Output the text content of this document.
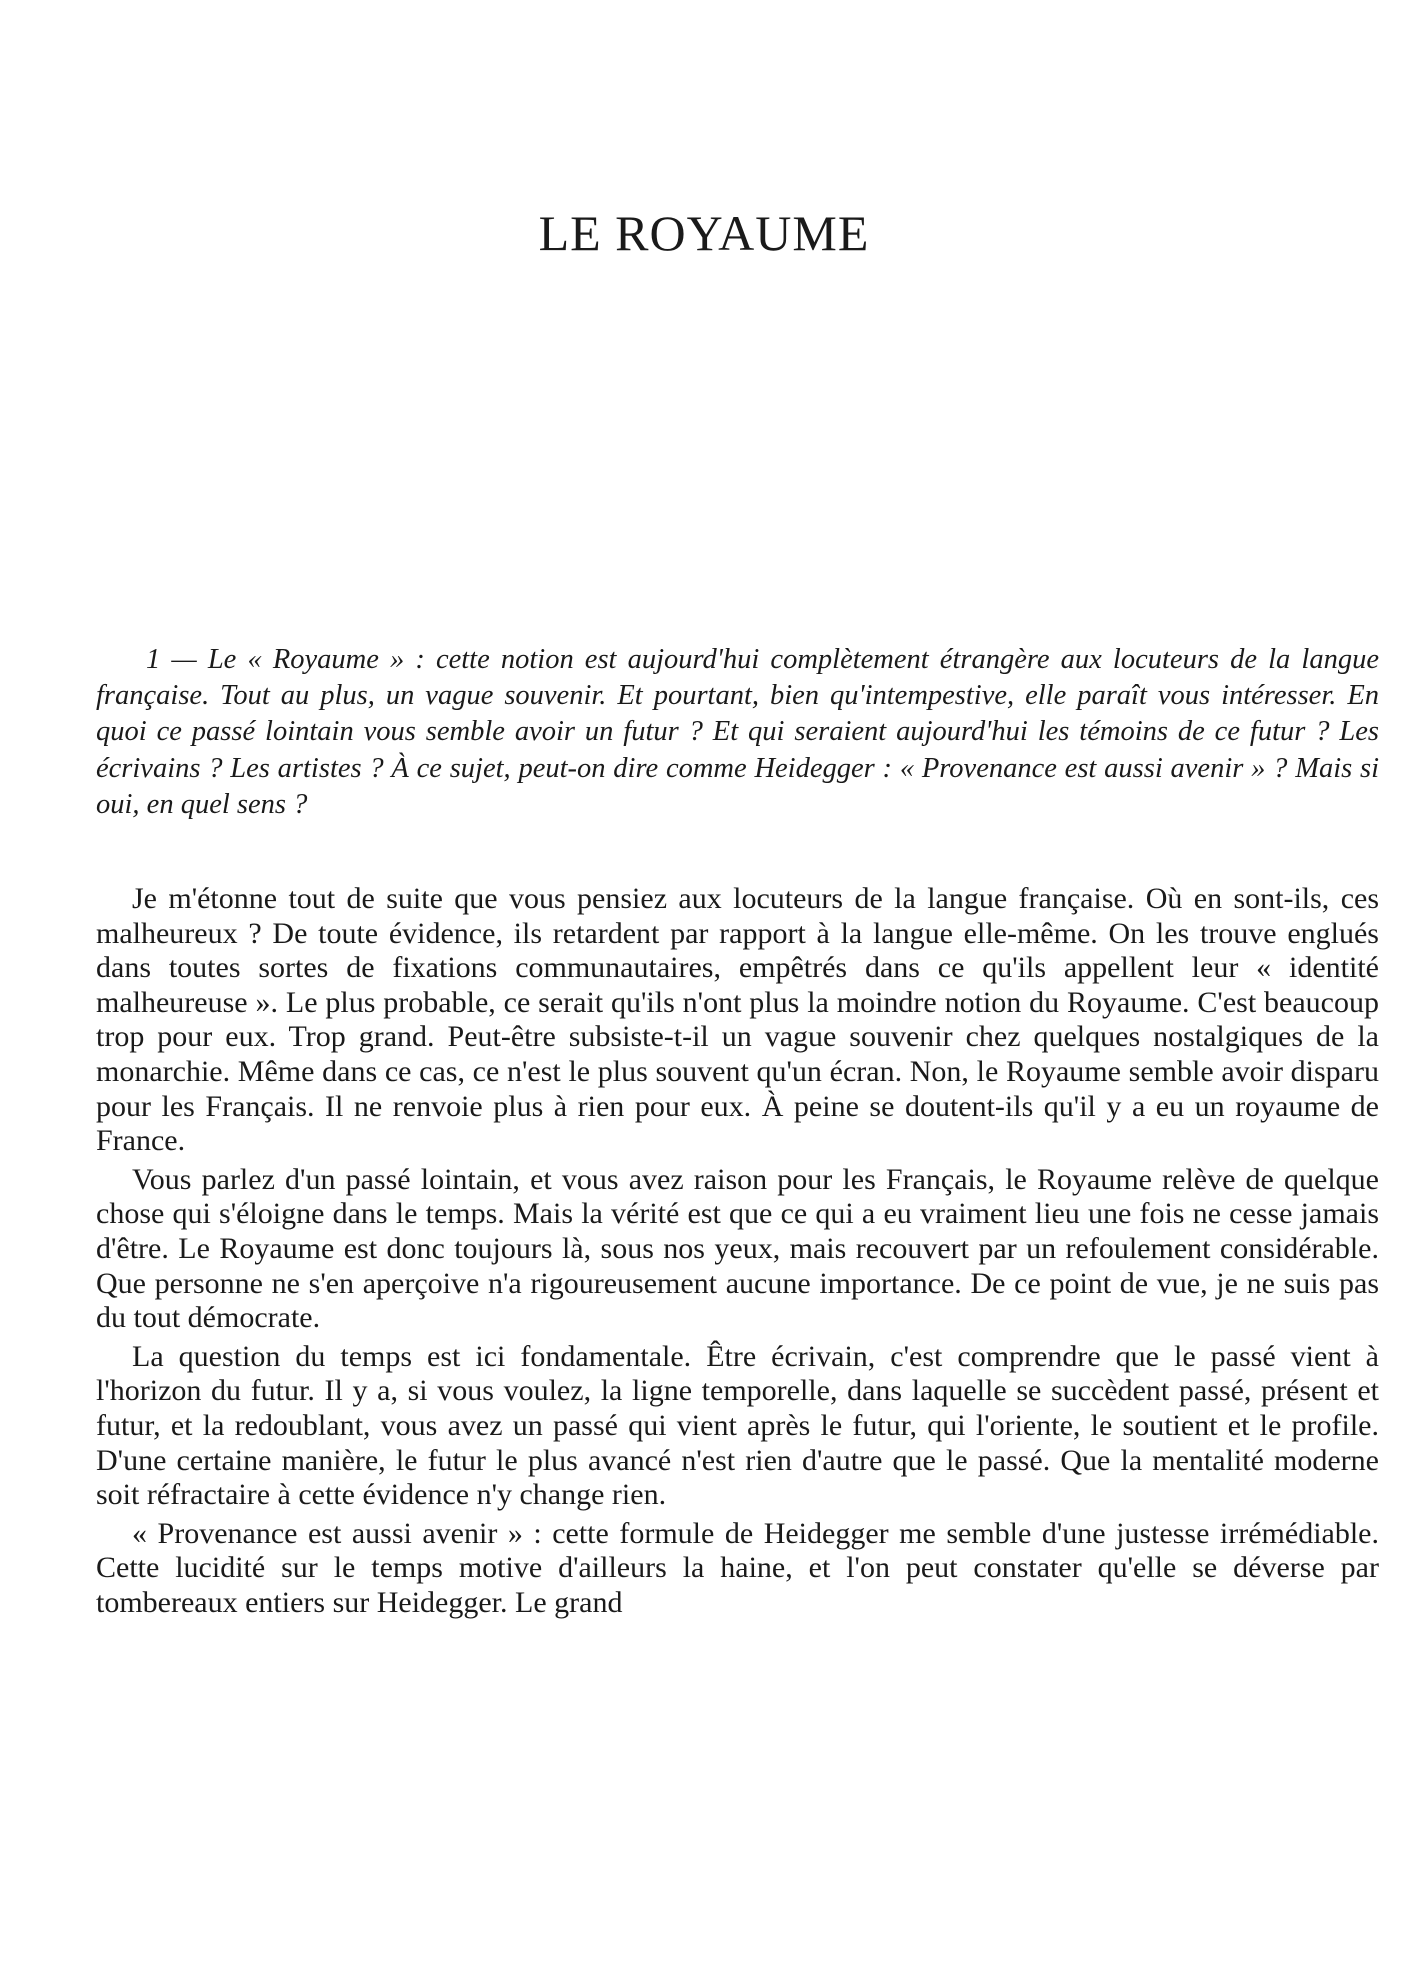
LE ROYAUME

1 — Le « Royaume » : cette notion est aujourd'hui complètement étrangère aux locuteurs de la langue française. Tout au plus, un vague souvenir. Et pourtant, bien qu'intempestive, elle paraît vous intéresser. En quoi ce passé lointain vous semble avoir un futur ? Et qui seraient aujourd'hui les témoins de ce futur ? Les écrivains ? Les artistes ? À ce sujet, peut-on dire comme Heidegger : « Provenance est aussi avenir » ? Mais si oui, en quel sens ?

Je m'étonne tout de suite que vous pensiez aux locuteurs de la langue française. Où en sont-ils, ces malheureux ? De toute évidence, ils retardent par rapport à la langue elle-même. On les trouve englués dans toutes sortes de fixations communautaires, empêtrés dans ce qu'ils appellent leur « identité malheureuse ». Le plus probable, ce serait qu'ils n'ont plus la moindre notion du Royaume. C'est beaucoup trop pour eux. Trop grand. Peut-être subsiste-t-il un vague souvenir chez quelques nostalgiques de la monarchie. Même dans ce cas, ce n'est le plus souvent qu'un écran. Non, le Royaume semble avoir disparu pour les Français. Il ne renvoie plus à rien pour eux. À peine se doutent-ils qu'il y a eu un royaume de France.

Vous parlez d'un passé lointain, et vous avez raison pour les Français, le Royaume relève de quelque chose qui s'éloigne dans le temps. Mais la vérité est que ce qui a eu vraiment lieu une fois ne cesse jamais d'être. Le Royaume est donc toujours là, sous nos yeux, mais recouvert par un refoulement considérable. Que personne ne s'en aperçoive n'a rigoureusement aucune importance. De ce point de vue, je ne suis pas du tout démocrate.

La question du temps est ici fondamentale. Être écrivain, c'est comprendre que le passé vient à l'horizon du futur. Il y a, si vous voulez, la ligne temporelle, dans laquelle se succèdent passé, présent et futur, et la redoublant, vous avez un passé qui vient après le futur, qui l'oriente, le soutient et le profile. D'une certaine manière, le futur le plus avancé n'est rien d'autre que le passé. Que la mentalité moderne soit réfractaire à cette évidence n'y change rien.

« Provenance est aussi avenir » : cette formule de Heidegger me semble d'une justesse irrémédiable. Cette lucidité sur le temps motive d'ailleurs la haine, et l'on peut constater qu'elle se déverse par tombereaux entiers sur Heidegger. Le grand
